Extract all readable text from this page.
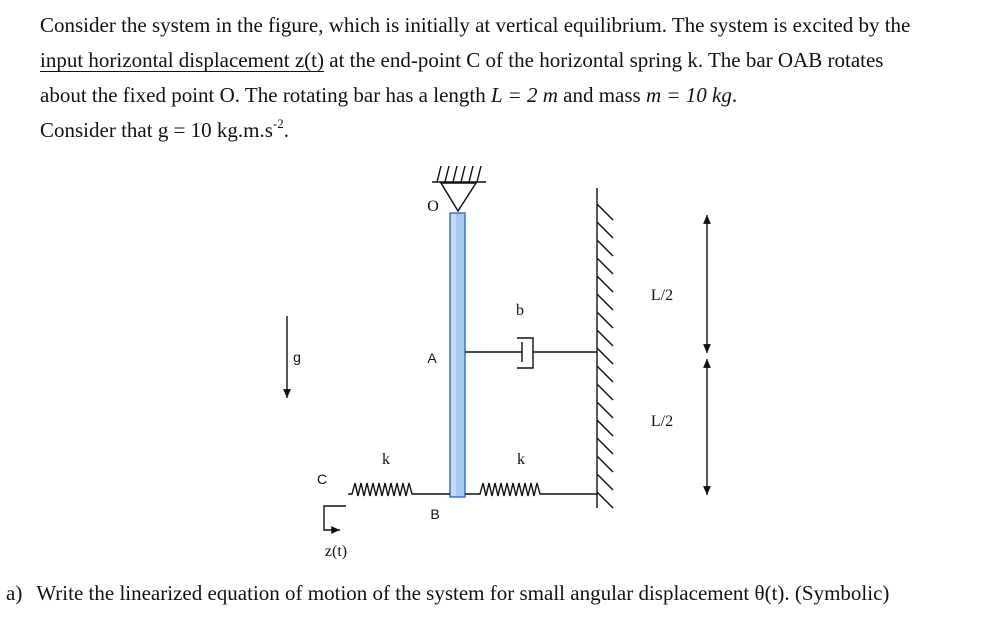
Consider the system in the figure, which is initially at vertical equilibrium. The system is excited by the
input horizontal displacement z(t) at the end-point C of the horizontal spring k. The bar OAB rotates
about the fixed point O. The rotating bar has a length L = 2 m and mass m = 10 kg.
Consider that g = 10 $kg.m.s^{-2}$.
O
A
B
b
k
k
C
z(t)
g
L/2
L/2
a) Write the linearized equation of motion of the system for small angular displacement θ(t). (Symbolic)
